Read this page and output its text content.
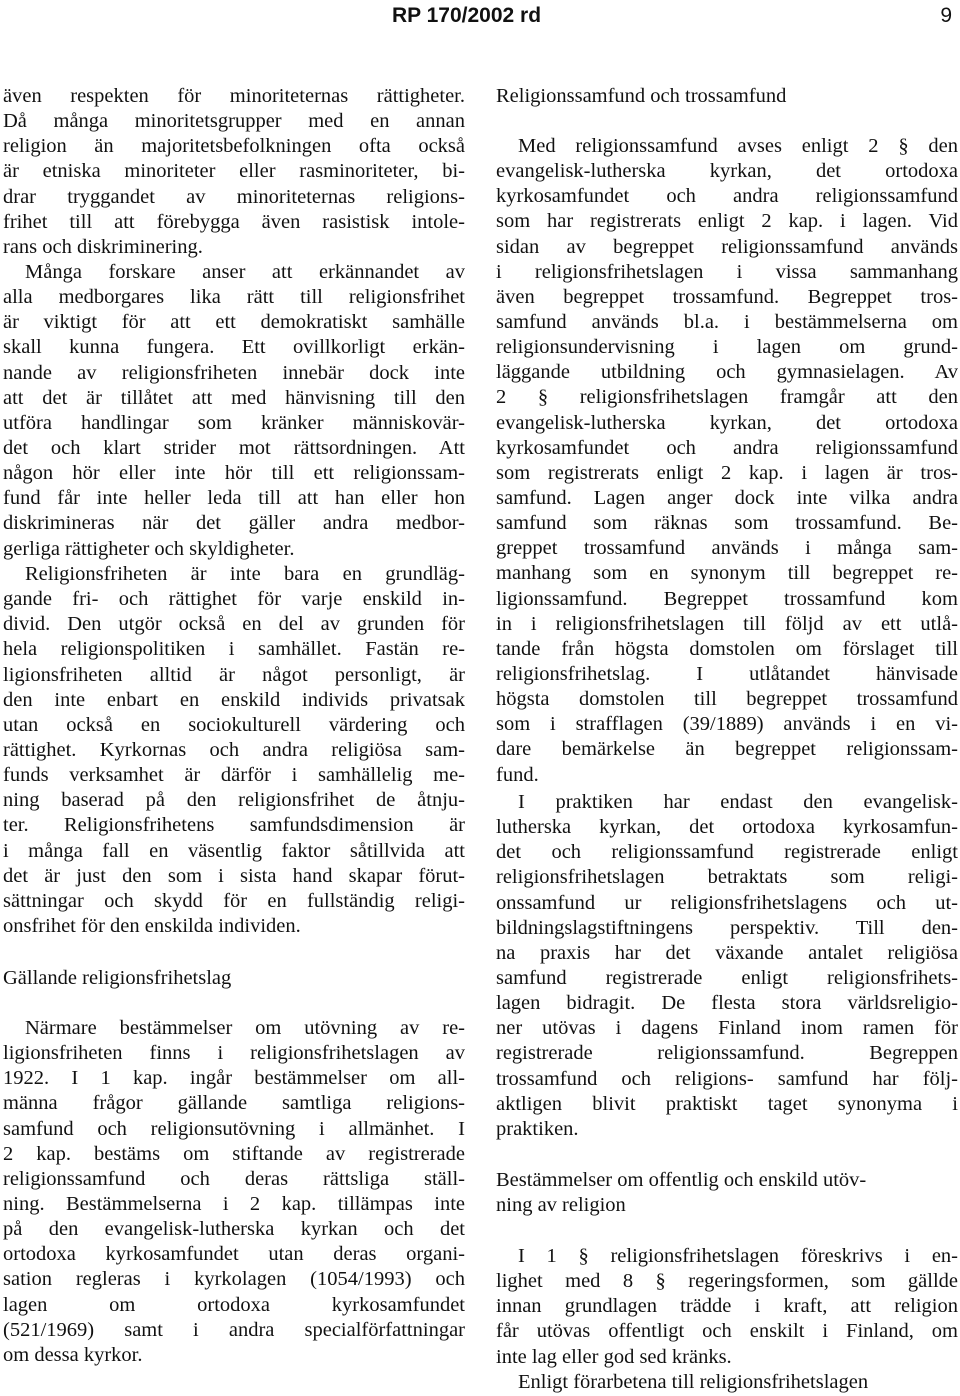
RP 170/2002 rd	9
även respekten för minoriteternas rättigheter.
Då många minoritetsgrupper med en annan
religion än majoritetsbefolkningen ofta också
är etniska minoriteter eller rasminoriteter, bi-
drar tryggandet av minoriteternas religions-
frihet till att förebygga även rasistisk intole-
rans och diskriminering.
Många forskare anser att erkännandet av
alla medborgares lika rätt till religionsfrihet
är viktigt för att ett demokratiskt samhälle
skall kunna fungera. Ett ovillkorligt erkän-
nande av religionsfriheten innebär dock inte
att det är tillåtet att med hänvisning till den
utföra handlingar som kränker människovär-
det och klart strider mot rättsordningen. Att
någon hör eller inte hör till ett religionssam-
fund får inte heller leda till att han eller hon
diskrimineras när det gäller andra medbor-
gerliga rättigheter och skyldigheter.
Religionsfriheten är inte bara en grundläg-
gande fri- och rättighet för varje enskild in-
divid. Den utgör också en del av grunden för
hela religionspolitiken i samhället. Fastän re-
ligionsfriheten alltid är något personligt, är
den inte enbart en enskild individs privatsak
utan också en sociokulturell värdering och
rättighet. Kyrkornas och andra religiösa sam-
funds verksamhet är därför i samhällelig me-
ning baserad på den religionsfrihet de åtnju-
ter. Religionsfrihetens samfundsdimension är
i många fall en väsentlig faktor såtillvida att
det är just den som i sista hand skapar förut-
sättningar och skydd för en fullständig religi-
onsfrihet för den enskilda individen.
Gällande religionsfrihetslag
Närmare bestämmelser om utövning av re-
ligionsfriheten finns i religionsfrihetslagen av
1922. I 1 kap. ingår bestämmelser om all-
männa frågor gällande samtliga religions-
samfund och religionsutövning i allmänhet. I
2 kap. bestäms om stiftande av registrerade
religionssamfund och deras rättsliga ställ-
ning. Bestämmelserna i 2 kap. tillämpas inte
på den evangelisk-lutherska kyrkan och det
ortodoxa kyrkosamfundet utan deras organi-
sation regleras i kyrkolagen (1054/1993) och
lagen om ortodoxa kyrkosamfundet
(521/1969) samt i andra specialförfattningar
om dessa kyrkor.
Religionssamfund och trossamfund
Med religionssamfund avses enligt 2 § den
evangelisk-lutherska kyrkan, det ortodoxa
kyrkosamfundet och andra religionssamfund
som har registrerats enligt 2 kap. i lagen. Vid
sidan av begreppet religionssamfund används
i religionsfrihetslagen i vissa sammanhang
även begreppet trossamfund. Begreppet tros-
samfund används bl.a. i bestämmelserna om
religionsundervisning i lagen om grund-
läggande utbildning och gymnasielagen. Av
2 § religionsfrihetslagen framgår att den
evangelisk-lutherska kyrkan, det ortodoxa
kyrkosamfundet och andra religionssamfund
som registrerats enligt 2 kap. i lagen är tros-
samfund. Lagen anger dock inte vilka andra
samfund som räknas som trossamfund. Be-
greppet trossamfund används i många sam-
manhang som en synonym till begreppet re-
ligionssamfund. Begreppet trossamfund kom
in i religionsfrihetslagen till följd av ett utlå-
tande från högsta domstolen om förslaget till
religionsfrihetslag. I utlåtandet hänvisade
högsta domstolen till begreppet trossamfund
som i strafflagen (39/1889) används i en vi-
dare bemärkelse än begreppet religionssam-
fund.
I praktiken har endast den evangelisk-
lutherska kyrkan, det ortodoxa kyrkosamfun-
det och religionssamfund registrerade enligt
religionsfrihetslagen betraktats som religi-
onssamfund ur religionsfrihetslagens och ut-
bildningslagstiftningens perspektiv. Till den-
na praxis har det växande antalet religiösa
samfund registrerade enligt religionsfrihets-
lagen bidragit. De flesta stora världsreligio-
ner utövas i dagens Finland inom ramen för
registrerade religionssamfund. Begreppen
trossamfund och religions- samfund har följ-
aktligen blivit praktiskt taget synonyma i
praktiken.
Bestämmelser om offentlig och enskild utöv-
ning av religion
I 1 § religionsfrihetslagen föreskrivs i en-
lighet med 8 § regeringsformen, som gällde
innan grundlagen trädde i kraft, att religion
får utövas offentligt och enskilt i Finland, om
inte lag eller god sed kränks.
Enligt förarbetena till religionsfrihetslagen
